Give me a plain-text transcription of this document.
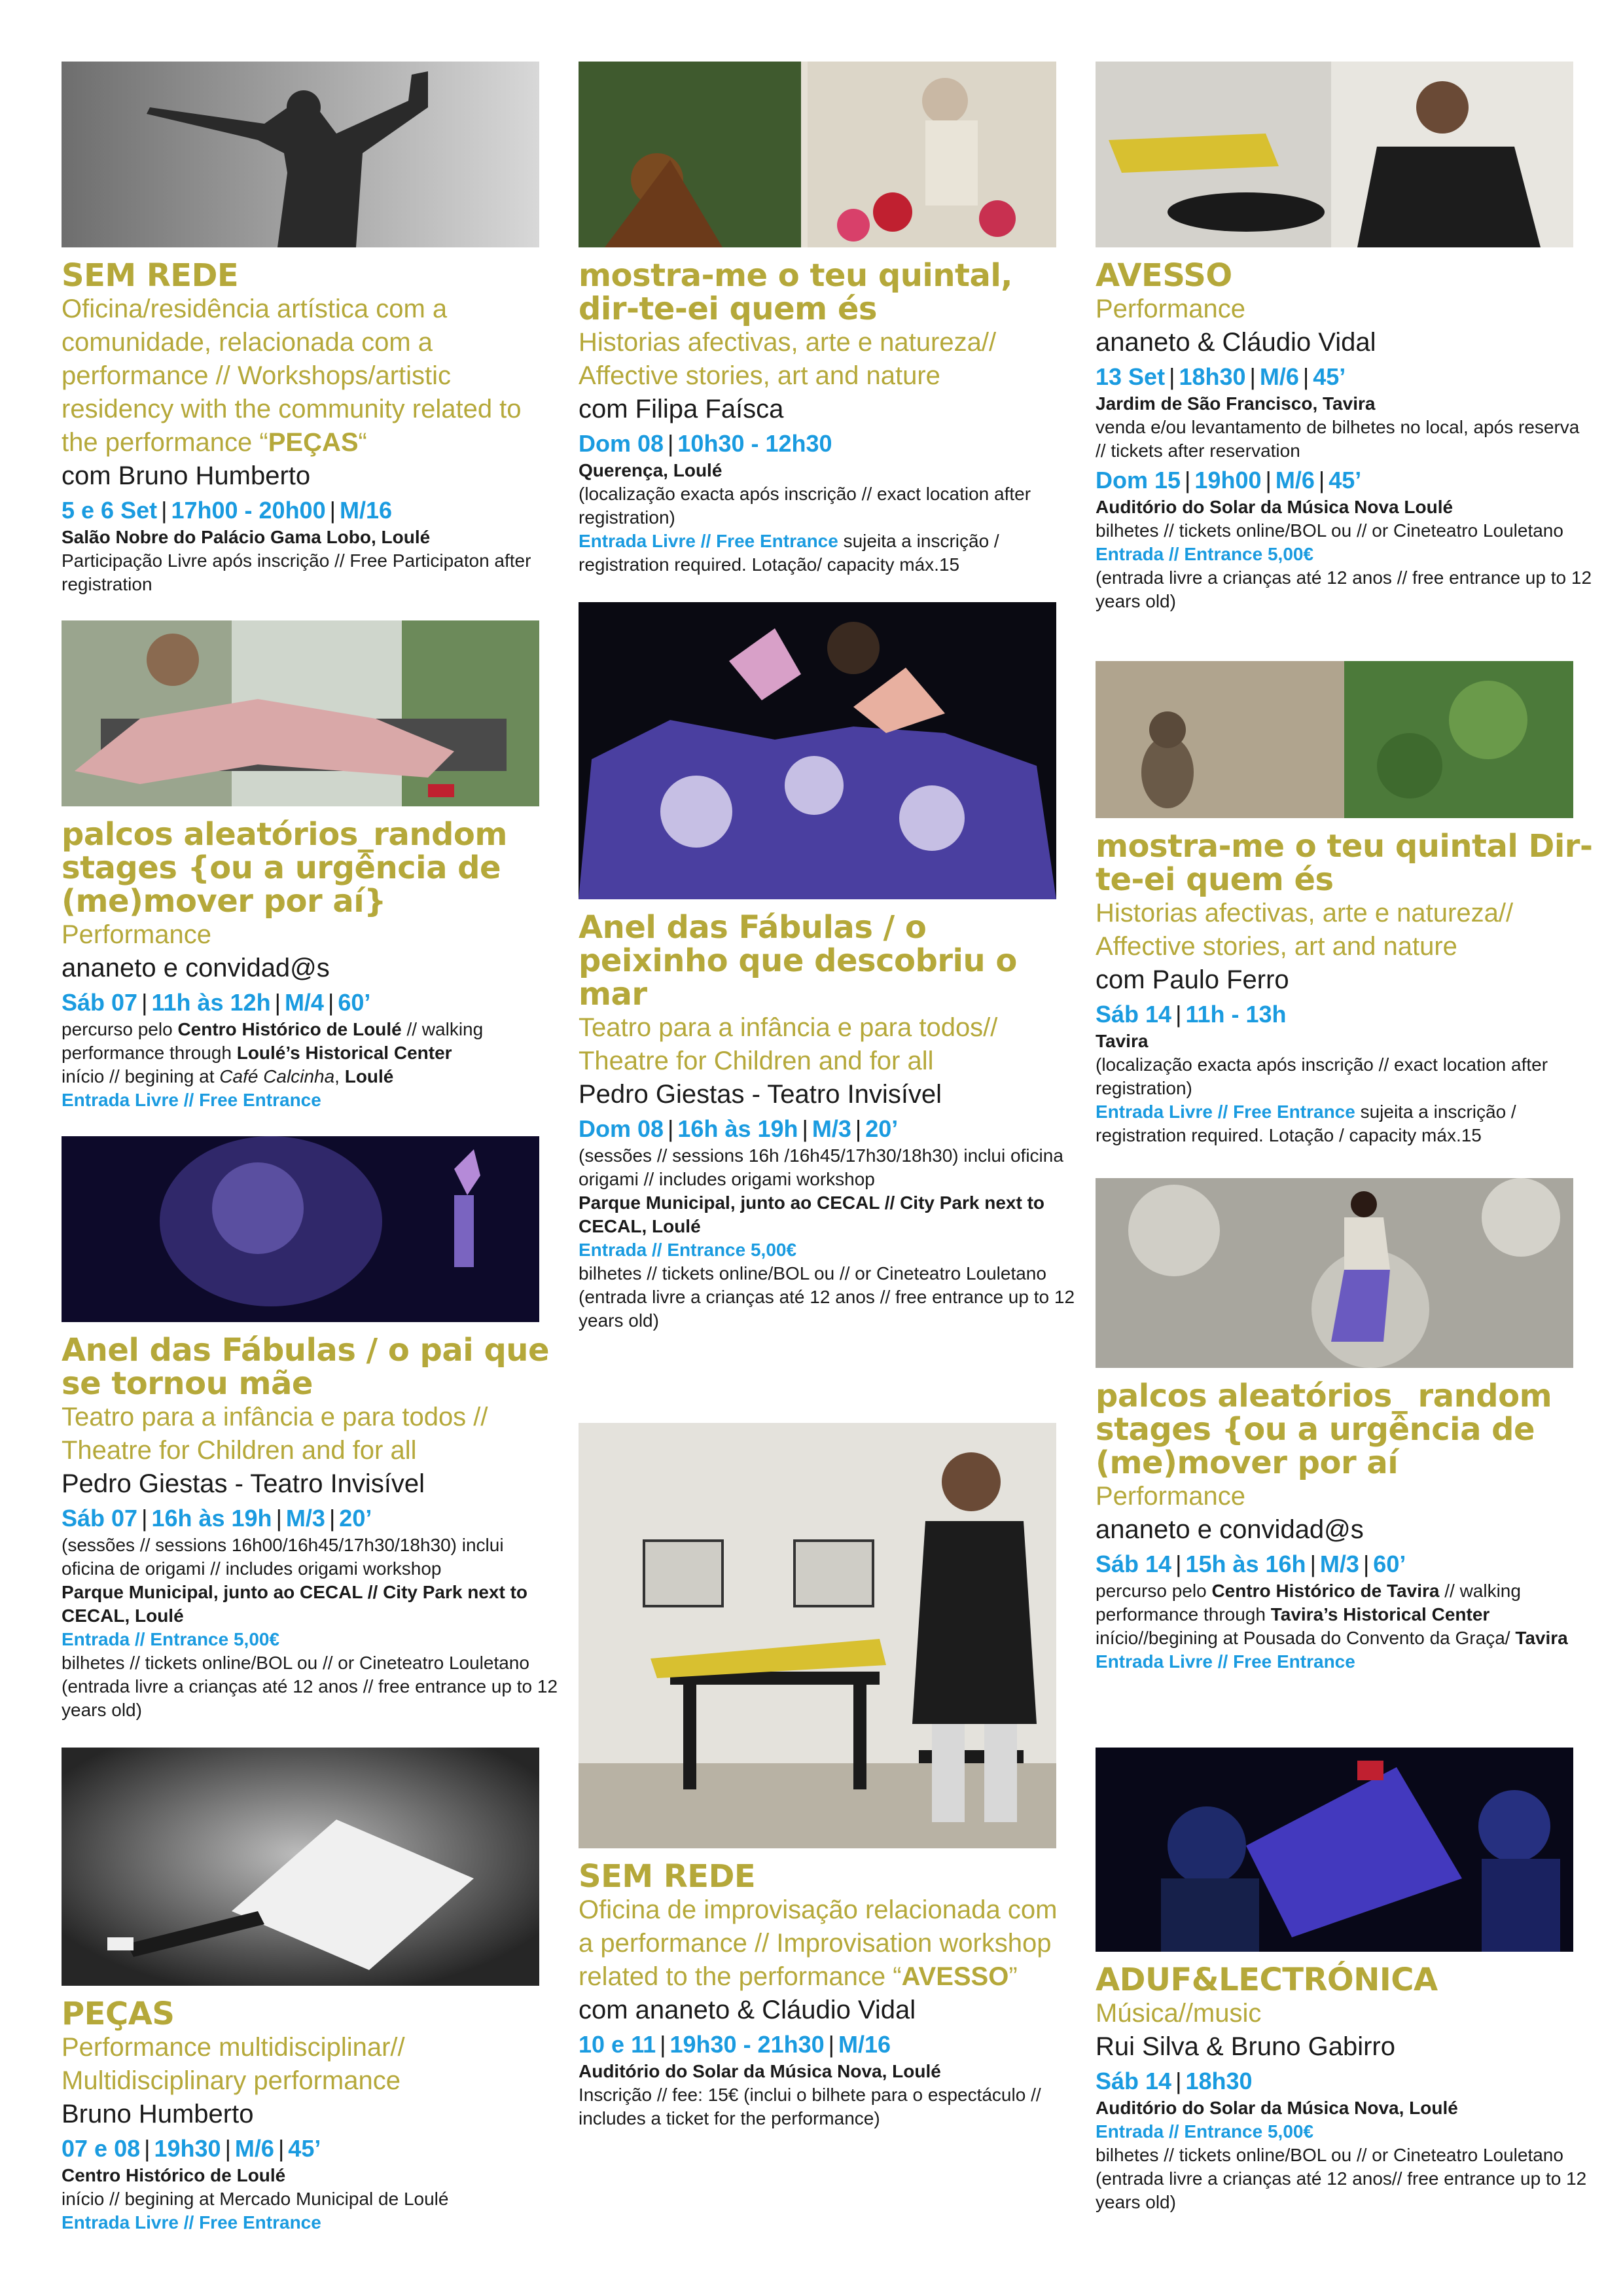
SEM REDE
Oficina/residência artística com a comunidade, relacionada com a performance // Workshops/artistic residency with the community related to the performance “PEÇAS“
com Bruno Humberto
5 e 6 Set | 17h00 - 20h00 | M/16
Salão Nobre do Palácio Gama Lobo, Loulé
Participação Livre após inscrição // Free Participaton after registration
palcos aleatórios_random stages {ou a urgência de (me)mover por aí}
Performance
ananeto e convidad@s
Sáb 07 | 11h às 12h | M/4 | 60’
percurso pelo Centro Histórico de Loulé // walking performance through Loulé’s Historical Center
início // begining at Café Calcinha, Loulé
Entrada Livre // Free Entrance
Anel das Fábulas / o pai que se tornou mãe
Teatro para a infância e para todos // Theatre for Children and for all
Pedro Giestas - Teatro Invisível
Sáb 07 | 16h às 19h | M/3 | 20’
(sessões // sessions 16h00/16h45/17h30/18h30) inclui oficina de origami // includes origami workshop
Parque Municipal, junto ao CECAL // City Park next to CECAL, Loulé
Entrada // Entrance 5,00€
bilhetes // tickets online/BOL ou // or Cineteatro Louletano (entrada livre a crianças até 12 anos // free entrance up to 12 years old)
PEÇAS
Performance multidisciplinar// Multidisciplinary performance
Bruno Humberto
07 e 08 | 19h30 | M/6 | 45’
Centro Histórico de Loulé
início // begining at Mercado Municipal de Loulé
Entrada Livre // Free Entrance
mostra-me o teu quintal, dir-te-ei quem és
Historias afectivas, arte e natureza// Affective stories, art and nature
com Filipa Faísca
Dom 08 | 10h30 - 12h30
Querença, Loulé
(localização exacta após inscrição // exact location after registration)
Entrada Livre // Free Entrance sujeita a inscrição / registration required. Lotação/ capacity máx.15
Anel das Fábulas / o peixinho que descobriu o mar
Teatro para a infância e para todos// Theatre for Children and for all
Pedro Giestas - Teatro Invisível
Dom 08 | 16h às 19h | M/3 | 20’
(sessões // sessions 16h /16h45/17h30/18h30) inclui oficina origami // includes origami workshop
Parque Municipal, junto ao CECAL // City Park next to CECAL, Loulé
Entrada // Entrance 5,00€
bilhetes // tickets online/BOL ou // or Cineteatro Louletano (entrada livre a crianças até 12 anos // free entrance up to 12 years old)
SEM REDE
Oficina de improvisação relacionada com a performance // Improvisation workshop related to the performance “AVESSO”
com ananeto & Cláudio Vidal
10 e 11 | 19h30 - 21h30 | M/16
Auditório do Solar da Música Nova, Loulé
Inscrição // fee: 15€ (inclui o bilhete para o espectáculo // includes a ticket for the performance)
AVESSO
Performance
ananeto & Cláudio Vidal
13 Set | 18h30 | M/6 | 45’
Jardim de São Francisco, Tavira
venda e/ou levantamento de bilhetes no local, após reserva // tickets after reservation
Dom 15 | 19h00 | M/6 | 45’
Auditório do Solar da Música Nova Loulé
bilhetes // tickets online/BOL ou // or Cineteatro Louletano
Entrada // Entrance 5,00€
(entrada livre a crianças até 12 anos // free entrance up to 12 years old)
mostra-me o teu quintal Dir-te-ei quem és
Historias afectivas, arte e natureza// Affective stories, art and nature
com Paulo Ferro
Sáb 14 | 11h - 13h
Tavira
(localização exacta após inscrição // exact location after registration)
Entrada Livre // Free Entrance sujeita a inscrição / registration required. Lotação / capacity máx.15
palcos aleatórios_ random stages {ou a urgência de (me)mover por aí
Performance
ananeto e convidad@s
Sáb 14 | 15h às 16h | M/3 | 60’
percurso pelo Centro Histórico de Tavira // walking performance through Tavira’s Historical Center
início//begining at Pousada do Convento da Graça/ Tavira
Entrada Livre // Free Entrance
ADUF&LECTRÓNICA
Música//music
Rui Silva & Bruno Gabirro
Sáb 14 | 18h30
Auditório do Solar da Música Nova, Loulé
Entrada // Entrance 5,00€
bilhetes // tickets online/BOL ou // or Cineteatro Louletano (entrada livre a crianças até 12 anos// free entrance up to 12 years old)
